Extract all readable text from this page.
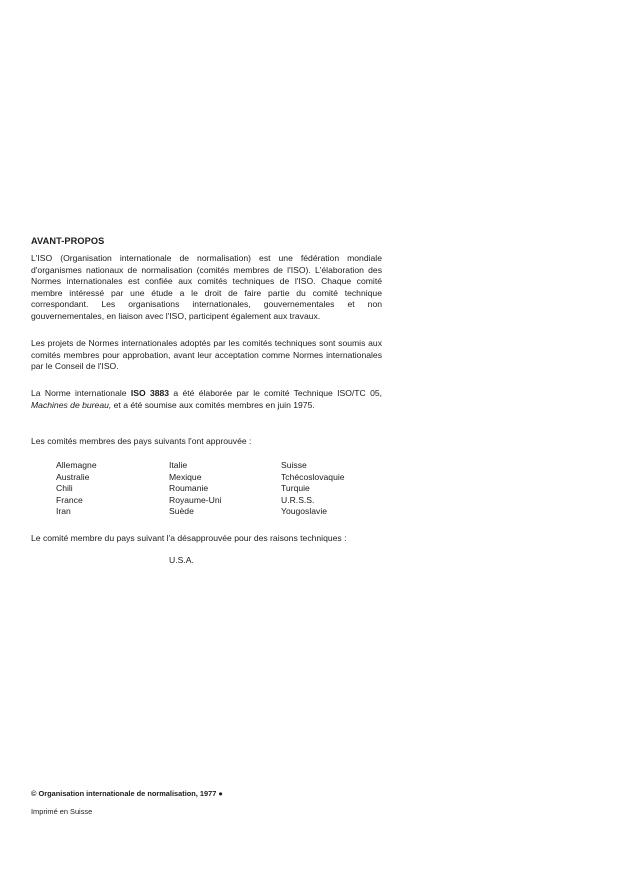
AVANT-PROPOS

L'ISO (Organisation internationale de normalisation) est une fédération mondiale d'organismes nationaux de normalisation (comités membres de l'ISO). L'élaboration des Normes internationales est confiée aux comités techniques de l'ISO. Chaque comité membre intéressé par une étude a le droit de faire partie du comité technique correspondant. Les organisations internationales, gouvernementales et non gouvernementales, en liaison avec l'ISO, participent également aux travaux.

Les projets de Normes internationales adoptés par les comités techniques sont soumis aux comités membres pour approbation, avant leur acceptation comme Normes internationales par le Conseil de l'ISO.

La Norme internationale ISO 3883 a été élaborée par le comité Technique ISO/TC 05, Machines de bureau, et a été soumise aux comités membres en juin 1975.

Les comités membres des pays suivants l'ont approuvée :

Allemagne	Italie	Suisse
Australie	Mexique	Tchécoslovaquie
Chili	Roumanie	Turquie
France	Royaume-Uni	U.R.S.S.
Iran	Suède	Yougoslavie

Le comité membre du pays suivant l'a désapprouvée pour des raisons techniques :

U.S.A.
© Organisation internationale de normalisation, 1977 ●
Imprimé en Suisse
